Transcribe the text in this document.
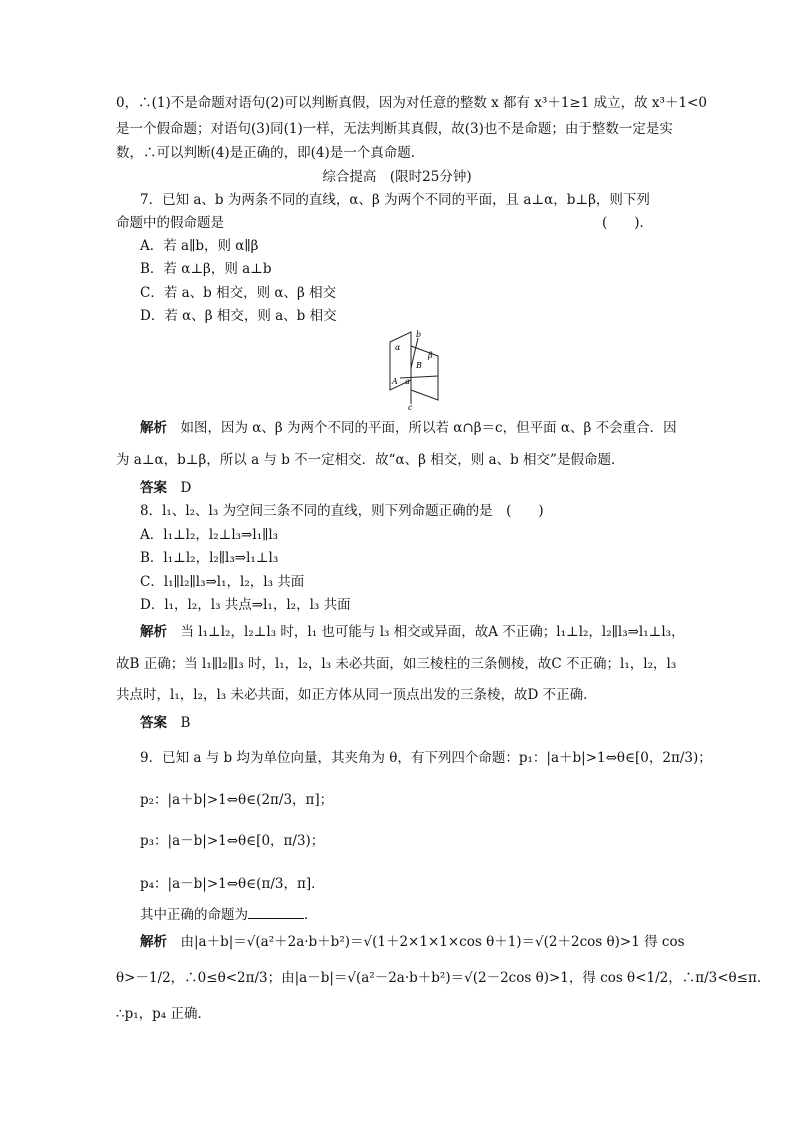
0，∴(1)不是命题对语句(2)可以判断真假，因为对任意的整数 x 都有 x³＋1≥1 成立，故 x³＋1<0
是一个假命题；对语句(3)同(1)一样，无法判断其真假，故(3)也不是命题；由于整数一定是实
数，∴可以判断(4)是正确的，即(4)是一个真命题．
综合提高　(限时25分钟)
7．已知 a、b 为两条不同的直线，α、β 为两个不同的平面，且 a⊥α，b⊥β，则下列
命题中的假命题是	(　　)．
A．若 a∥b，则 α∥β
B．若 α⊥β，则 a⊥b
C．若 a、b 相交，则 α、β 相交
D．若 α、β 相交，则 a、b 相交
b
α
β
B
A a
c
解析　 如图，因为 α、β 为两个不同的平面，所以若 α∩β＝c，但平面 α、β 不会重合．因
为 a⊥α，b⊥β，所以 a 与 b 不一定相交．故“α、β 相交，则 a、b 相交”是假命题．
答案　 D
8．l₁、l₂、l₃ 为空间三条不同的直线，则下列命题正确的是　(　　)
A．l₁⊥l₂，l₂⊥l₃⇒l₁∥l₃
B．l₁⊥l₂，l₂∥l₃⇒l₁⊥l₃
C．l₁∥l₂∥l₃⇒l₁，l₂，l₃ 共面
D．l₁，l₂，l₃ 共点⇒l₁，l₂，l₃ 共面
解析　 当 l₁⊥l₂，l₂⊥l₃ 时，l₁ 也可能与 l₃ 相交或异面，故A 不正确；l₁⊥l₂，l₂∥l₃⇒l₁⊥l₃，
故B 正确；当 l₁∥l₂∥l₃ 时，l₁，l₂，l₃ 未必共面，如三棱柱的三条侧棱，故C 不正确；l₁，l₂，l₃
共点时，l₁，l₂，l₃ 未必共面，如正方体从同一顶点出发的三条棱，故D 不正确．
答案　 B
9．已知 a 与 b 均为单位向量，其夹角为 θ，有下列四个命题：p₁：|a＋b|>1⇔θ∈[0，2π/3)；
p₂：|a＋b|>1⇔θ∈(2π/3，π]；
p₃：|a－b|>1⇔θ∈[0，π/3)；
p₄：|a－b|>1⇔θ∈(π/3，π]．
其中正确的命题为	．
解析　 由|a＋b|＝√(a²＋2a·b＋b²)＝√(1＋2×1×1×cos θ＋1)＝√(2＋2cos θ)>1 得 cos
θ>－1/2，∴0≤θ<2π/3；由|a－b|＝√(a²－2a·b＋b²)＝√(2－2cos θ)>1，得 cos θ<1/2，∴π/3<θ≤π.
∴p₁，p₄ 正确．
